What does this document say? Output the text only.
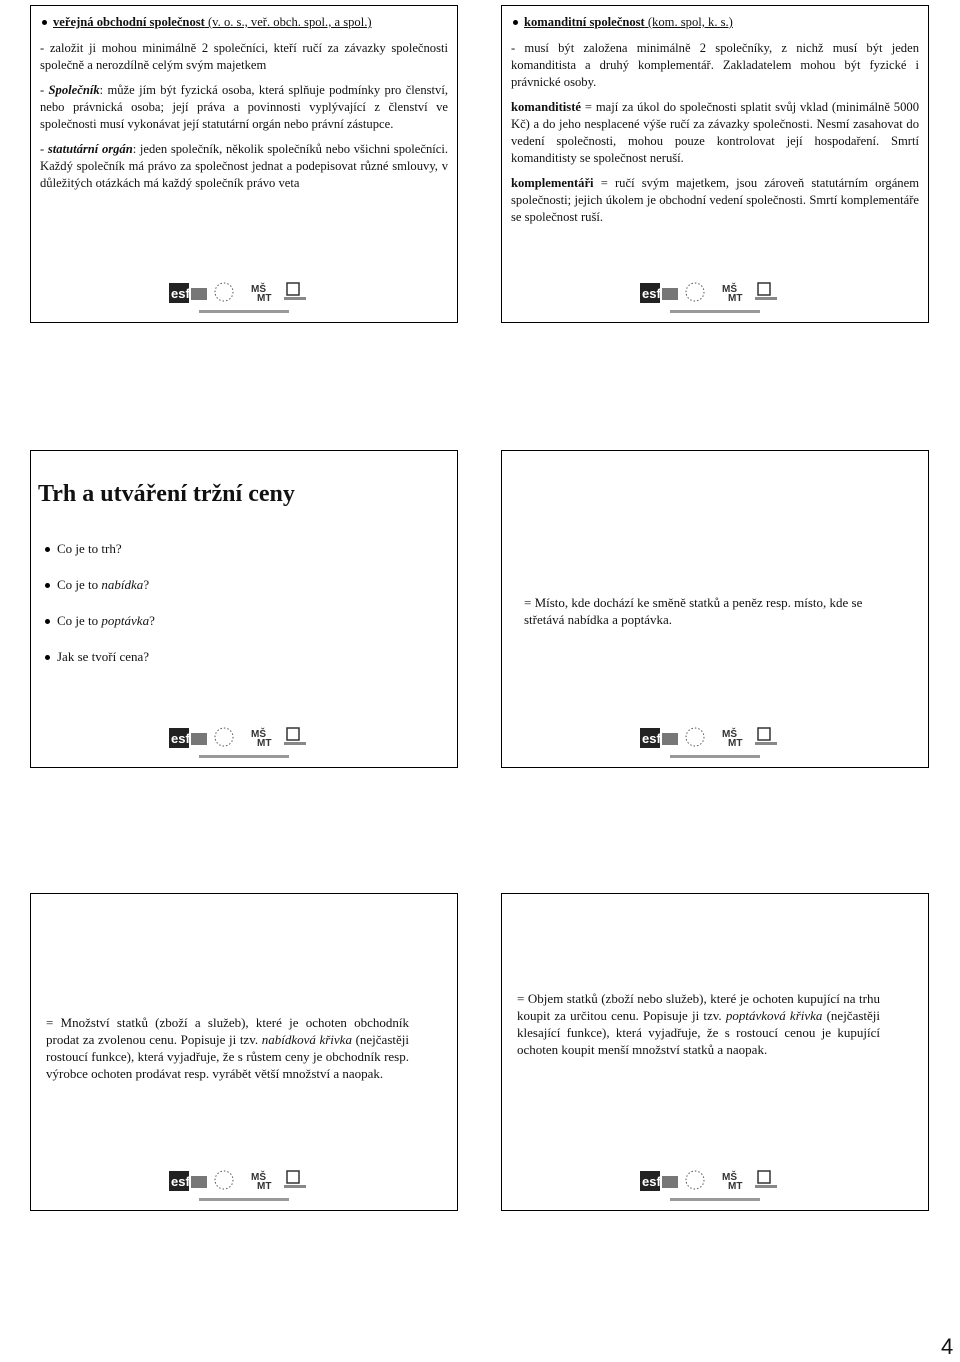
veřejná obchodní společnost (v. o. s., veř. obch. spol., a spol.)

- založit ji mohou minimálně 2 společníci, kteří ručí za závazky společnosti společně a nerozdílně celým svým majetkem

- Společník: může jím být fyzická osoba, která splňuje podmínky pro členství, nebo právnická osoba; její práva a povinnosti vyplývající z členství ve společnosti musí vykonávat její statutární orgán nebo právní zástupce.

- statutární orgán: jeden společník, několik společníků nebo všichni společníci. Každý společník má právo za společnost jednat a podepisovat různé smlouvy, v důležitých otázkách má každý společník právo veta

esf	MŠ
MT

komanditní společnost (kom. spol, k. s.)

- musí být založena minimálně 2 společníky, z nichž musí být jeden komanditista a druhý komplementář. Zakladatelem mohou být fyzické i právnické osoby.

komanditisté = mají za úkol do společnosti splatit svůj vklad (minimálně 5000 Kč) a do jeho nesplacené výše ručí za závazky společnosti. Nesmí zasahovat do vedení společnosti, mohou pouze kontrolovat její hospodaření. Smrtí komanditisty se společnost neruší.

komplementáři = ručí svým majetkem, jsou zároveň statutárním orgánem společnosti; jejich úkolem je obchodní vedení společnosti. Smrtí komplementáře se společnost ruší.

esf	MŠ
MT
Trh a utváření tržní ceny
Co je to trh?
Co je to nabídka?
Co je to poptávka?
Jak se tvoří cena?
esf	MŠ
MT
= Místo, kde dochází ke směně statků a peněz resp. místo, kde se střetává nabídka a poptávka.
esf	MŠ
MT

= Množství statků (zboží a služeb), které je ochoten obchodník prodat za zvolenou cenu. Popisuje ji tzv. nabídková křivka (nejčastěji rostoucí funkce), která vyjadřuje, že s růstem ceny je obchodník resp. výrobce ochoten prodávat resp. vyrábět větší množství a naopak.

esf	MŠ
MT

= Objem statků (zboží nebo služeb), které je ochoten kupující na trhu koupit za určitou cenu. Popisuje ji tzv. poptávková křivka (nejčastěji klesající funkce), která vyjadřuje, že s rostoucí cenou je kupující ochoten koupit menší množství statků a naopak.

esf	MŠ
MT
4
